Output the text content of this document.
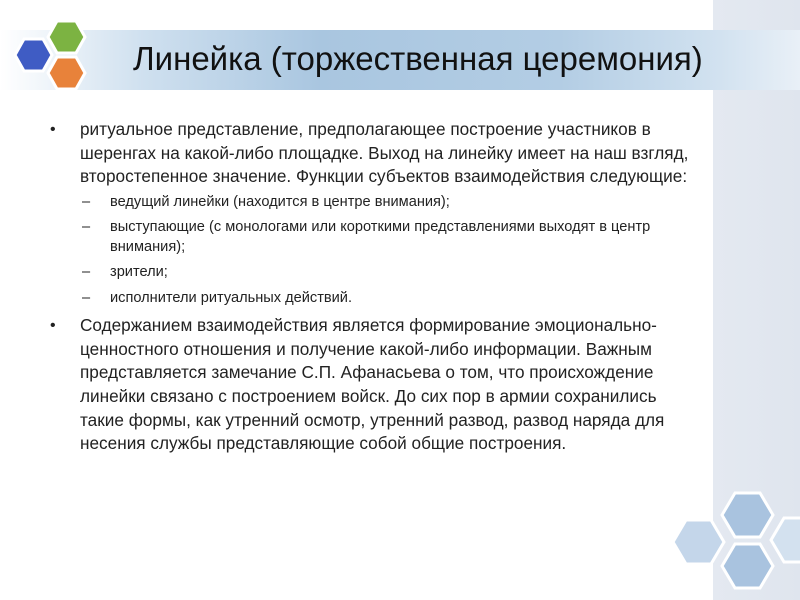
Линейка (торжественная церемония)
• ритуальное представление, предполагающее построение участников в шеренгах на какой-либо площадке. Выход на линейку имеет на наш взгляд, второстепенное значение. Функции субъектов взаимодействия следующие:
– ведущий линейки (находится в центре внимания);
– выступающие (с монологами или короткими представлениями выходят в центр внимания);
– зрители;
– исполнители ритуальных действий.
• Содержанием взаимодействия является формирование эмоционально-ценностного отношения и получение какой-либо информации. Важным представляется замечание С.П. Афанасьева о том, что происхождение линейки связано с построением войск. До сих пор в армии сохранились такие формы, как утренний осмотр, утренний развод, развод наряда для несения службы представляющие собой общие построения.
